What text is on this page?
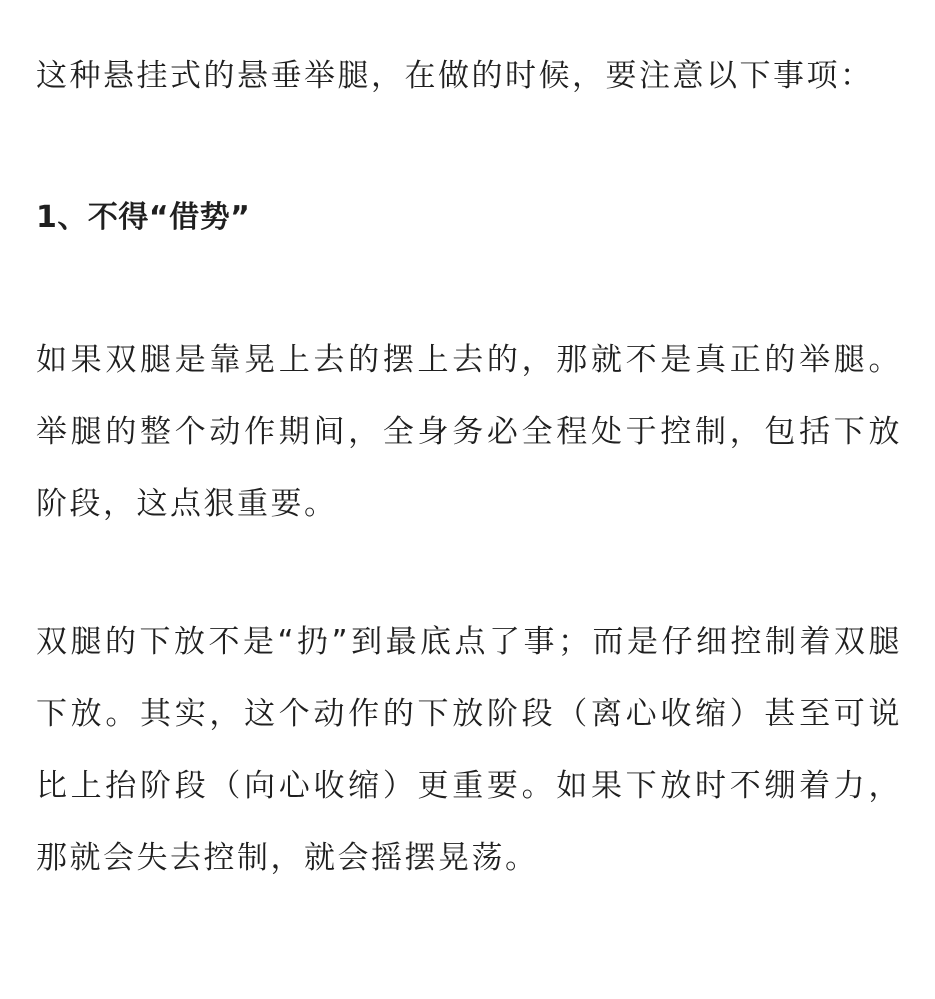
这种悬挂式的悬垂举腿，在做的时候，要注意以下事项：

1、不得“借势”

如果双腿是靠晃上去的摆上去的，那就不是真正的举腿。举腿的整个动作期间，全身务必全程处于控制，包括下放阶段，这点狠重要。

双腿的下放不是“扔”到最底点了事；而是仔细控制着双腿下放。其实，这个动作的下放阶段（离心收缩）甚至可说比上抬阶段（向心收缩）更重要。如果下放时不绷着力，那就会失去控制，就会摇摆晃荡。
